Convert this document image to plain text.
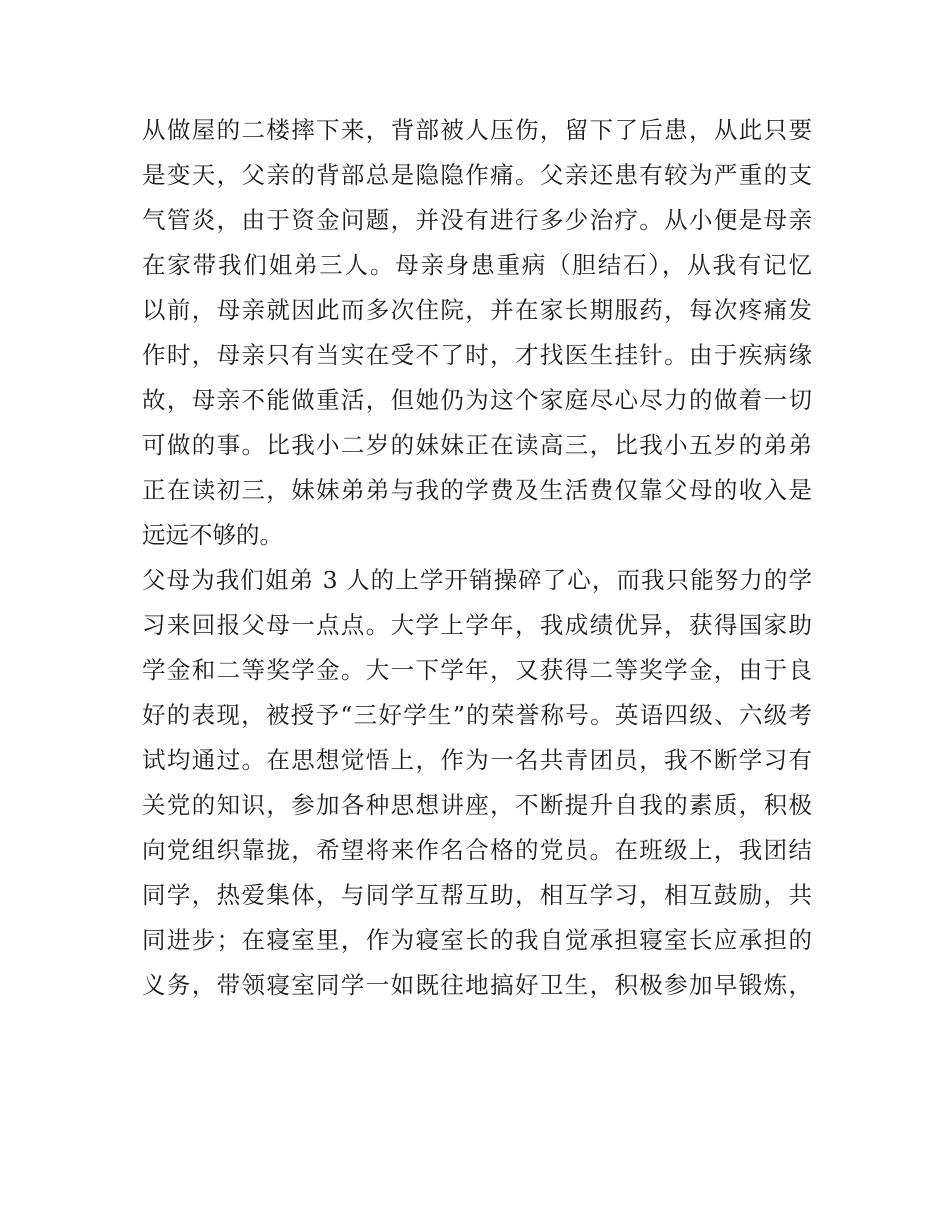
从做屋的二楼摔下来，背部被人压伤，留下了后患，从此只要
是变天，父亲的背部总是隐隐作痛。父亲还患有较为严重的支
气管炎，由于资金问题，并没有进行多少治疗。从小便是母亲
在家带我们姐弟三人。母亲身患重病（胆结石），从我有记忆
以前，母亲就因此而多次住院，并在家长期服药，每次疼痛发
作时，母亲只有当实在受不了时，才找医生挂针。由于疾病缘
故，母亲不能做重活，但她仍为这个家庭尽心尽力的做着一切
可做的事。比我小二岁的妹妹正在读高三，比我小五岁的弟弟
正在读初三，妹妹弟弟与我的学费及生活费仅靠父母的收入是
远远不够的。
父母为我们姐弟 3 人的上学开销操碎了心，而我只能努力的学
习来回报父母一点点。大学上学年，我成绩优异，获得国家助
学金和二等奖学金。大一下学年，又获得二等奖学金，由于良
好的表现，被授予“三好学生”的荣誉称号。英语四级、六级考
试均通过。在思想觉悟上，作为一名共青团员，我不断学习有
关党的知识，参加各种思想讲座，不断提升自我的素质，积极
向党组织靠拢，希望将来作名合格的党员。在班级上，我团结
同学，热爱集体，与同学互帮互助，相互学习，相互鼓励，共
同进步；在寝室里，作为寝室长的我自觉承担寝室长应承担的
义务，带领寝室同学一如既往地搞好卫生，积极参加早锻炼，
